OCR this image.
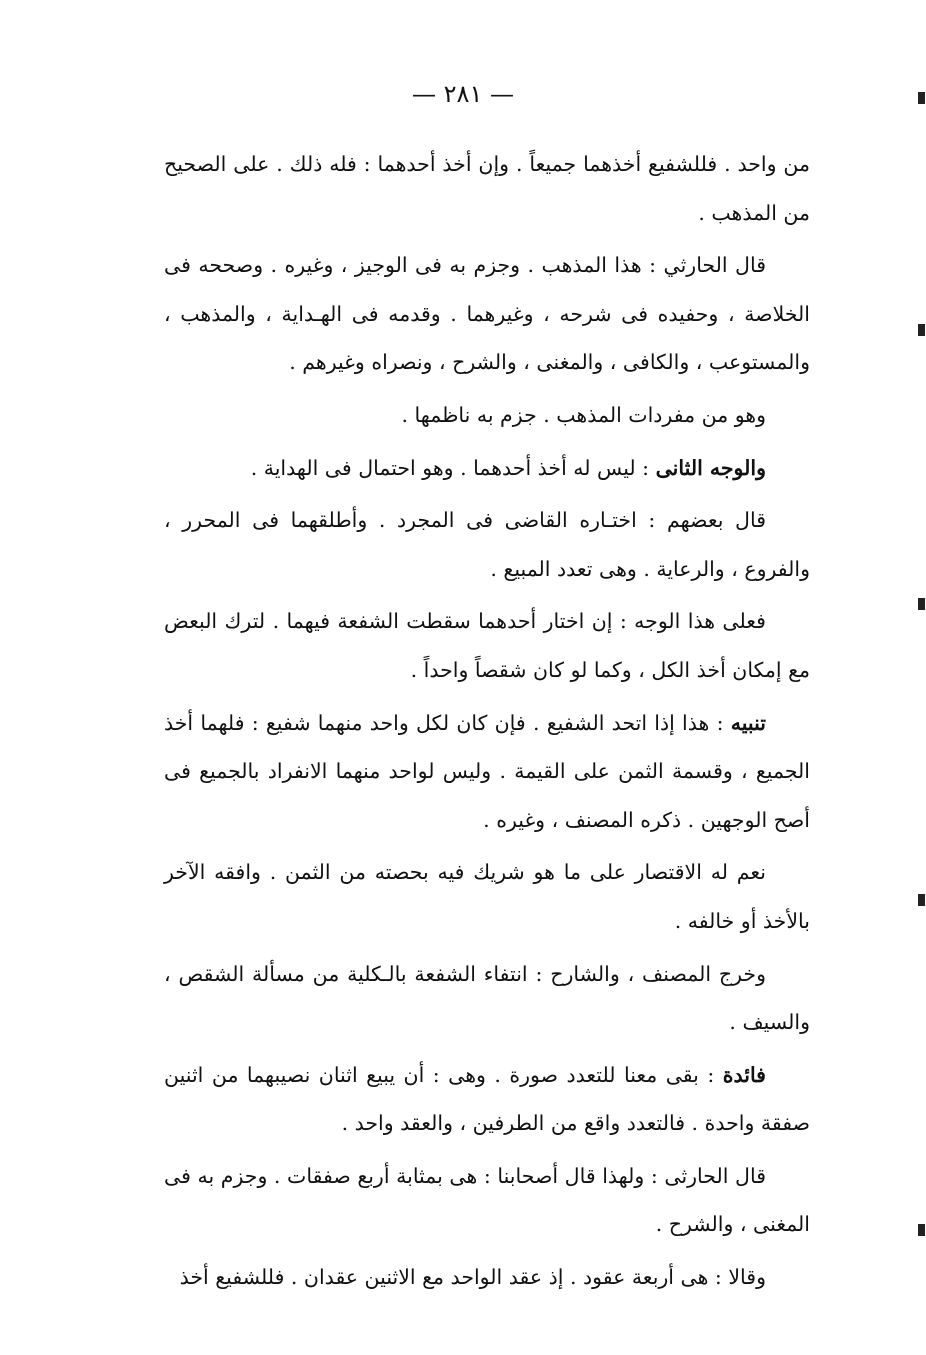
— ٢٨١ —

من واحد . فللشفيع أخذهما جميعاً . وإن أخذ أحدهما : فله ذلك . على الصحيح من المذهب .

قال الحارثي : هذا المذهب . وجزم به فى الوجيز ، وغيره . وصححه فى الخلاصة ، وحفيده فى شرحه ، وغيرهما . وقدمه فى الهـداية ، والمذهب ، والمستوعب ، والكافى ، والمغنى ، والشرح ، ونصراه وغيرهم .

وهو من مفردات المذهب . جزم به ناظمها .

والوجه الثانى : ليس له أخذ أحدهما . وهو احتمال فى الهداية .

قال بعضهم : اختـاره القاضى فى المجرد . وأطلقهما فى المحرر ، والفروع ، والرعاية . وهى تعدد المبيع .

فعلى هذا الوجه : إن اختار أحدهما سقطت الشفعة فيهما . لترك البعض مع إمكان أخذ الكل ، وكما لو كان شقصاً واحداً .

تنبيه : هذا إذا اتحد الشفيع . فإن كان لكل واحد منهما شفيع : فلهما أخذ الجميع ، وقسمة الثمن على القيمة . وليس لواحد منهما الانفراد بالجميع فى أصح الوجهين . ذكره المصنف ، وغيره .

نعم له الاقتصار على ما هو شريك فيه بحصته من الثمن . وافقه الآخر بالأخذ أو خالفه .

وخرج المصنف ، والشارح : انتفاء الشفعة بالـكلية من مسألة الشقص ، والسيف .

فائدة : بقى معنا للتعدد صورة . وهى : أن يبيع اثنان نصيبهما من اثنين صفقة واحدة . فالتعدد واقع من الطرفين ، والعقد واحد .

قال الحارثى : ولهذا قال أصحابنا : هى بمثابة أربع صفقات . وجزم به فى المغنى ، والشرح .

وقالا : هى أربعة عقود . إذ عقد الواحد مع الاثنين عقدان . فللشفيع أخذ
